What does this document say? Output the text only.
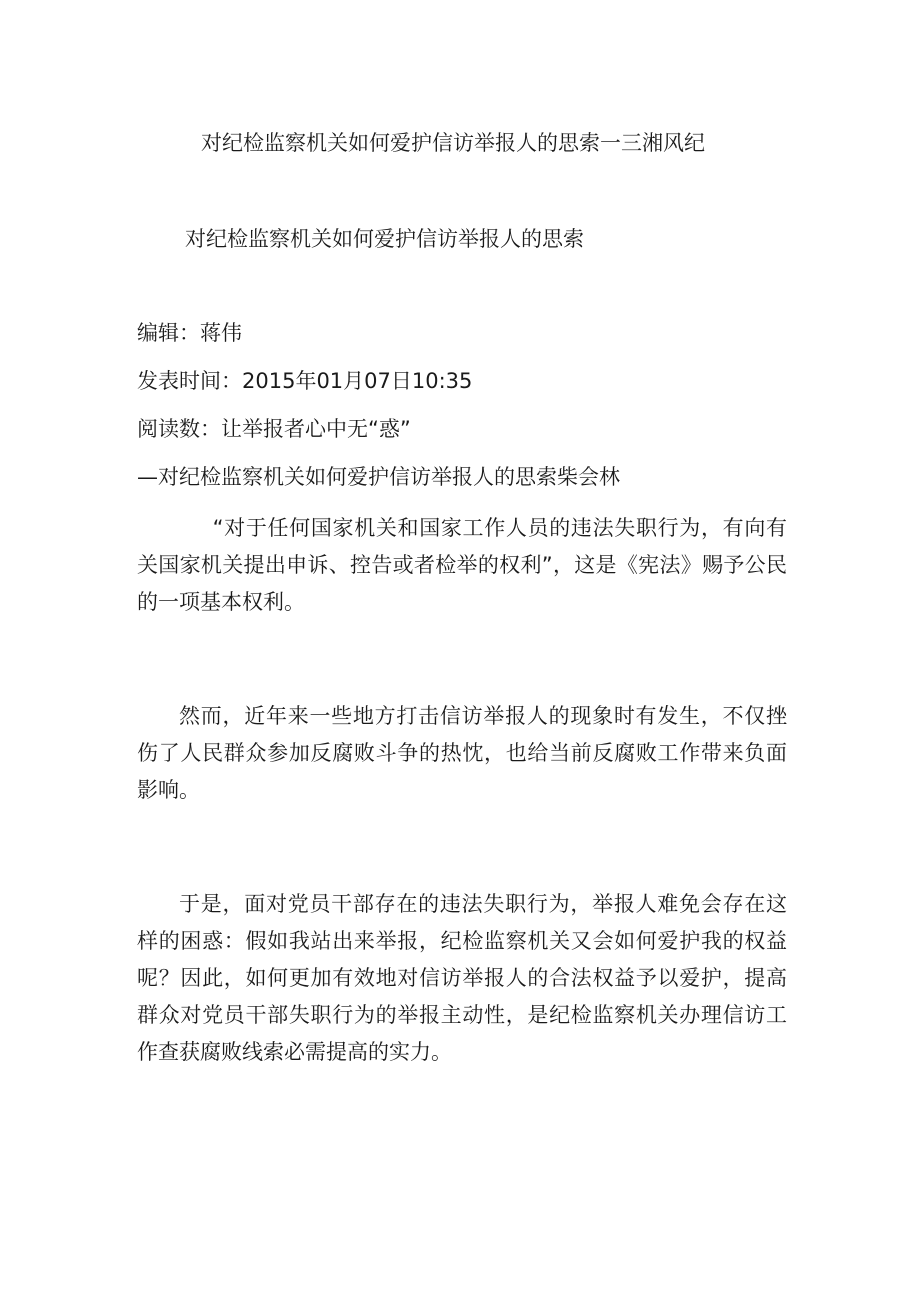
对纪检监察机关如何爱护信访举报人的思索一三湘风纪

对纪检监察机关如何爱护信访举报人的思索

编辑：蒋伟

发表时间：2015年01月07日10:35

阅读数：让举报者心中无“惑”

—对纪检监察机关如何爱护信访举报人的思索柴会林

“对于任何国家机关和国家工作人员的违法失职行为，有向有关国家机关提出申诉、控告或者检举的权利”，这是《宪法》赐予公民的一项基本权利。

然而，近年来一些地方打击信访举报人的现象时有发生，不仅挫伤了人民群众参加反腐败斗争的热忱，也给当前反腐败工作带来负面影响。

于是，面对党员干部存在的违法失职行为，举报人难免会存在这样的困惑：假如我站出来举报，纪检监察机关又会如何爱护我的权益呢？因此，如何更加有效地对信访举报人的合法权益予以爱护，提高群众对党员干部失职行为的举报主动性，是纪检监察机关办理信访工作查获腐败线索必需提高的实力。
